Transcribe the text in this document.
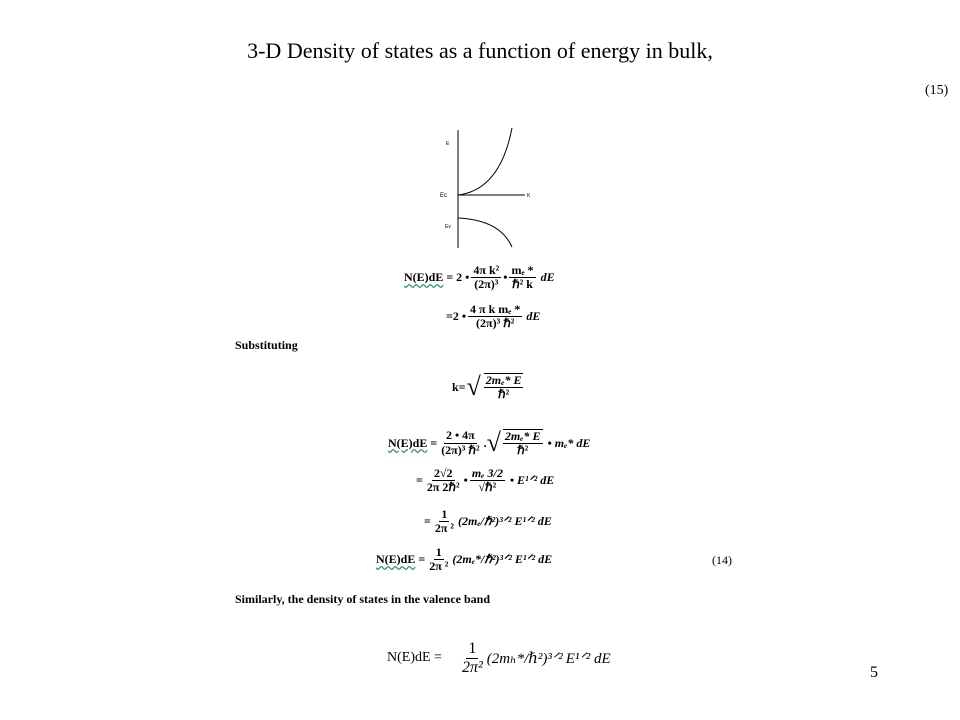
3-D Density of states as a function of energy in bulk,
(15)
E
Ec	K
Ev
N(E)dE = 2 • $\frac{\text{4π k²}}{\text{(2π)³}}$ • $\frac{\text{mₑ *}}{\text{ℏ² k}}$ dE
=2 • $\frac{\text{4 π k mₑ *}}{\text{(2π)³ ℏ²}}$ dE
Substituting
k= √ $\frac{\text{2mₑ* E}}{\text{ℏ²}}$
$N(E)dE = \frac{2 • 4\pi}{\text{(2π)³ ℏ²}}$ . √ $\frac{\text{2mₑ* E}}{\text{ℏ²}}$ • mₑ* dE
= $\frac{2√2}{\text{2π 2ℏ²}}$ • $\frac{\text{mₑ 3/2}}{\text{√ℏ²}}$ • E¹ᐟ² dE
= $\frac{1}{\text{2π ²}}$ (2mₑ/ℏ²)³ᐟ² E¹ᐟ² dE
$N(E)dE = \frac{1}{\text{2π ²}}$ (2mₑ*/ℏ²)³ᐟ² E¹ᐟ² dE	(14)
Similarly, the density of states in the valence band
$N(E)dE = \frac{1}{\text{2π²}}$ (2mₕ*/ℏ²)³ᐟ² E¹ᐟ² dE
5
